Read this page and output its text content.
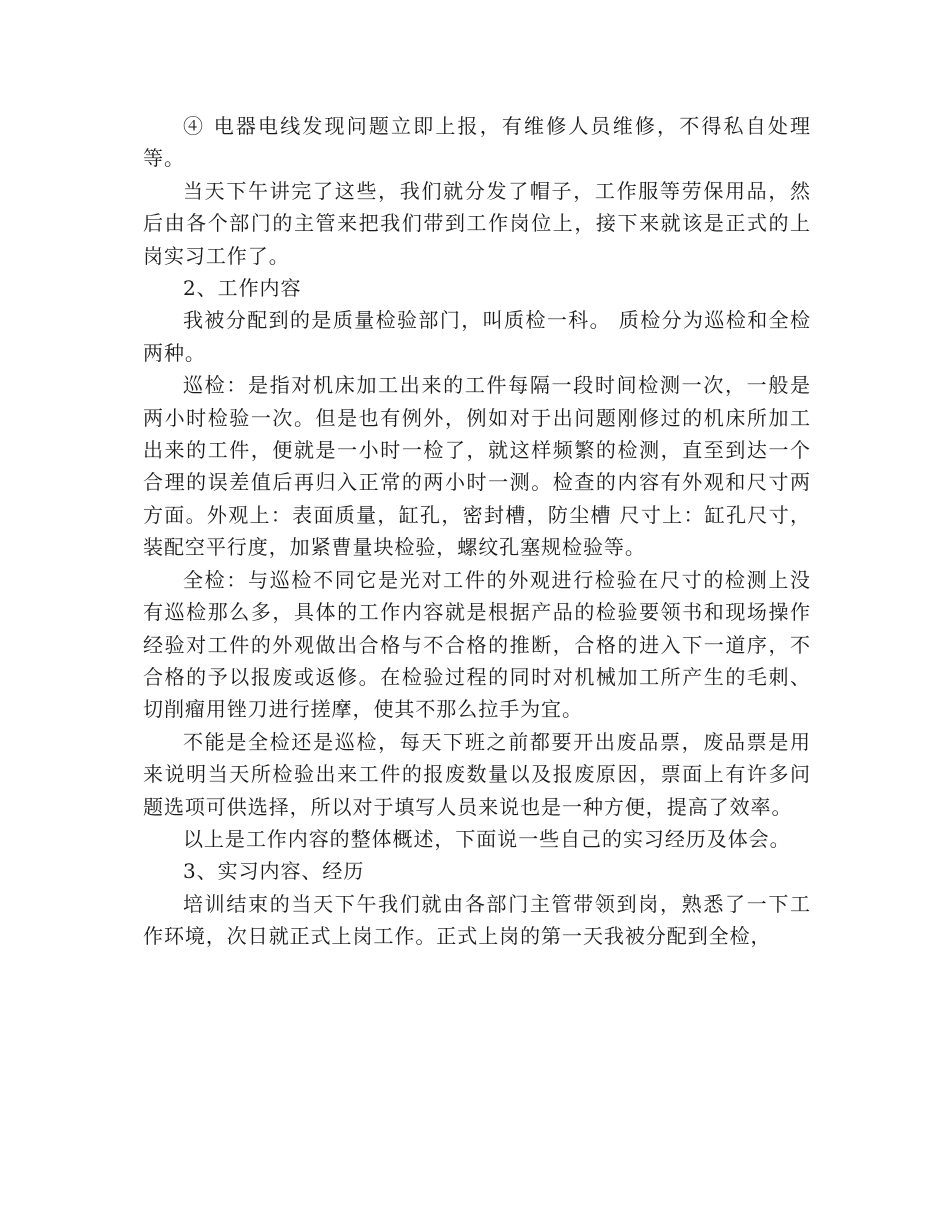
④ 电器电线发现问题立即上报，有维修人员维修，不得私自处理等。

当天下午讲完了这些，我们就分发了帽子，工作服等劳保用品，然后由各个部门的主管来把我们带到工作岗位上，接下来就该是正式的上岗实习工作了。

2、工作内容

我被分配到的是质量检验部门，叫质检一科。 质检分为巡检和全检两种。

巡检：是指对机床加工出来的工件每隔一段时间检测一次，一般是两小时检验一次。但是也有例外，例如对于出问题刚修过的机床所加工出来的工件，便就是一小时一检了，就这样频繁的检测，直至到达一个合理的误差值后再归入正常的两小时一测。检查的内容有外观和尺寸两方面。外观上：表面质量，缸孔，密封槽，防尘槽 尺寸上：缸孔尺寸，装配空平行度，加紧曹量块检验，螺纹孔塞规检验等。

全检：与巡检不同它是光对工件的外观进行检验在尺寸的检测上没有巡检那么多，具体的工作内容就是根据产品的检验要领书和现场操作经验对工件的外观做出合格与不合格的推断，合格的进入下一道序，不合格的予以报废或返修。在检验过程的同时对机械加工所产生的毛刺、切削瘤用锉刀进行搓摩，使其不那么拉手为宜。

不能是全检还是巡检，每天下班之前都要开出废品票，废品票是用来说明当天所检验出来工件的报废数量以及报废原因，票面上有许多问题选项可供选择，所以对于填写人员来说也是一种方便，提高了效率。

以上是工作内容的整体概述，下面说一些自己的实习经历及体会。

3、实习内容、经历

培训结束的当天下午我们就由各部门主管带领到岗，熟悉了一下工作环境，次日就正式上岗工作。正式上岗的第一天我被分配到全检，
